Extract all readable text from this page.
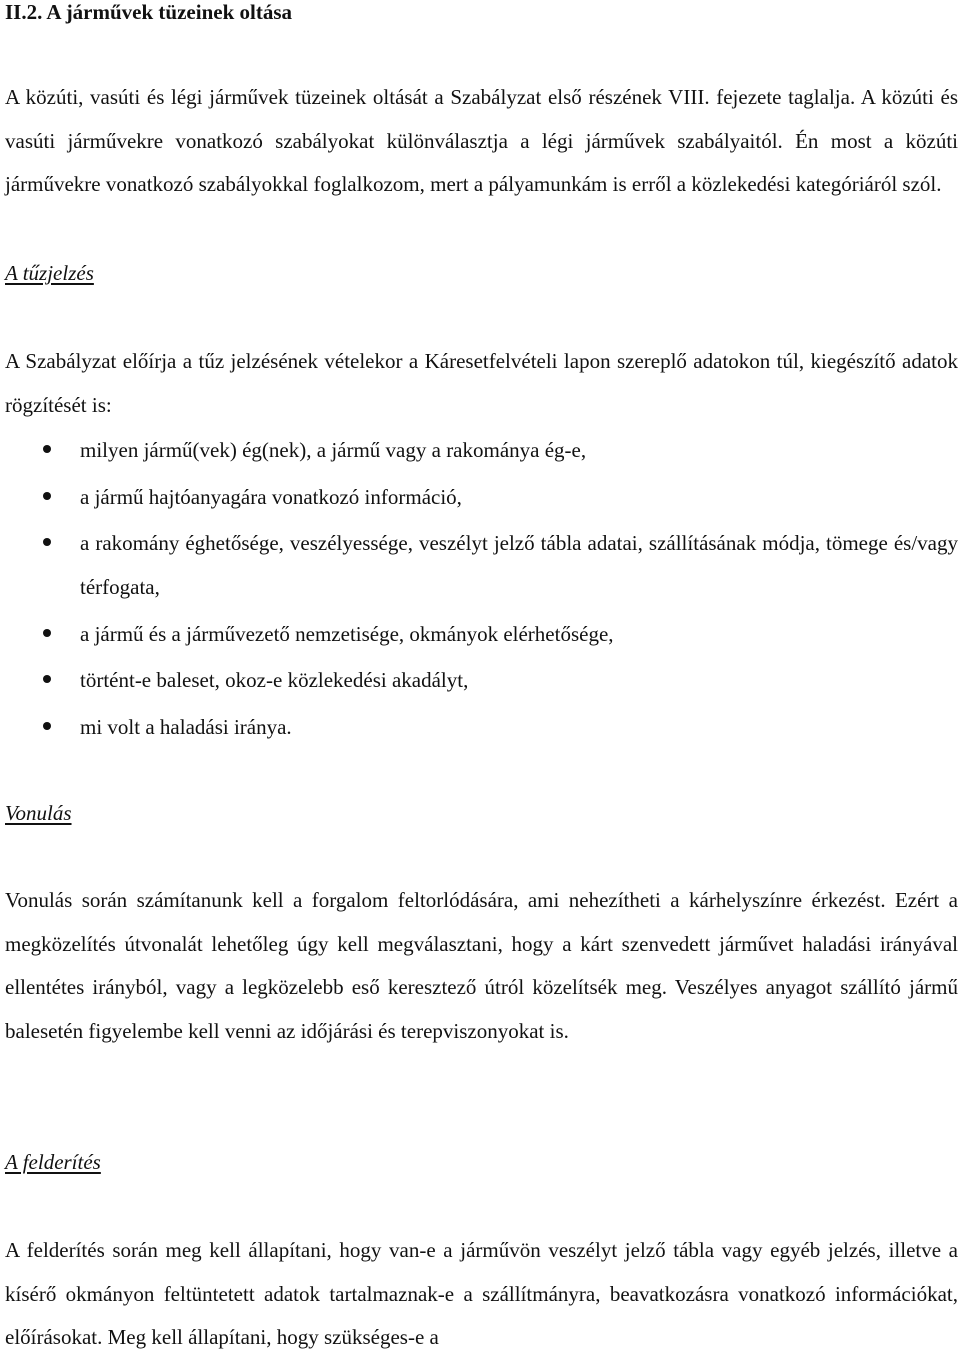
II.2. A járművek tüzeinek oltása

A közúti, vasúti és légi járművek tüzeinek oltását a Szabályzat első részének VIII. fejezete taglalja. A közúti és vasúti járművekre vonatkozó szabályokat különválasztja a légi járművek szabályaitól. Én most a közúti járművekre vonatkozó szabályokkal foglalkozom, mert a pályamunkám is erről a közlekedési kategóriáról szól.

A tűzjelzés

A Szabályzat előírja a tűz jelzésének vételekor a Káresetfelvételi lapon szereplő adatokon túl, kiegészítő adatok rögzítését is:

milyen jármű(vek) ég(nek), a jármű vagy a rakománya ég-e,
a jármű hajtóanyagára vonatkozó információ,
a rakomány éghetősége, veszélyessége, veszélyt jelző tábla adatai, szállításának módja, tömege és/vagy térfogata,
a jármű és a járművezető nemzetisége, okmányok elérhetősége,
történt-e baleset, okoz-e közlekedési akadályt,
mi volt a haladási iránya.
Vonulás

Vonulás során számítanunk kell a forgalom feltorlódására, ami nehezítheti a kárhelyszínre érkezést. Ezért a megközelítés útvonalát lehetőleg úgy kell megválasztani, hogy a kárt szenvedett járművet haladási irányával ellentétes irányból, vagy a legközelebb eső keresztező útról közelítsék meg. Veszélyes anyagot szállító jármű balesetén figyelembe kell venni az időjárási és terepviszonyokat is.

A felderítés

A felderítés során meg kell állapítani, hogy van-e a járművön veszélyt jelző tábla vagy egyéb jelzés, illetve a kísérő okmányon feltüntetett adatok tartalmaznak-e a szállítmányra, beavatkozásra vonatkozó információkat, előírásokat. Meg kell állapítani, hogy szükséges-e a
